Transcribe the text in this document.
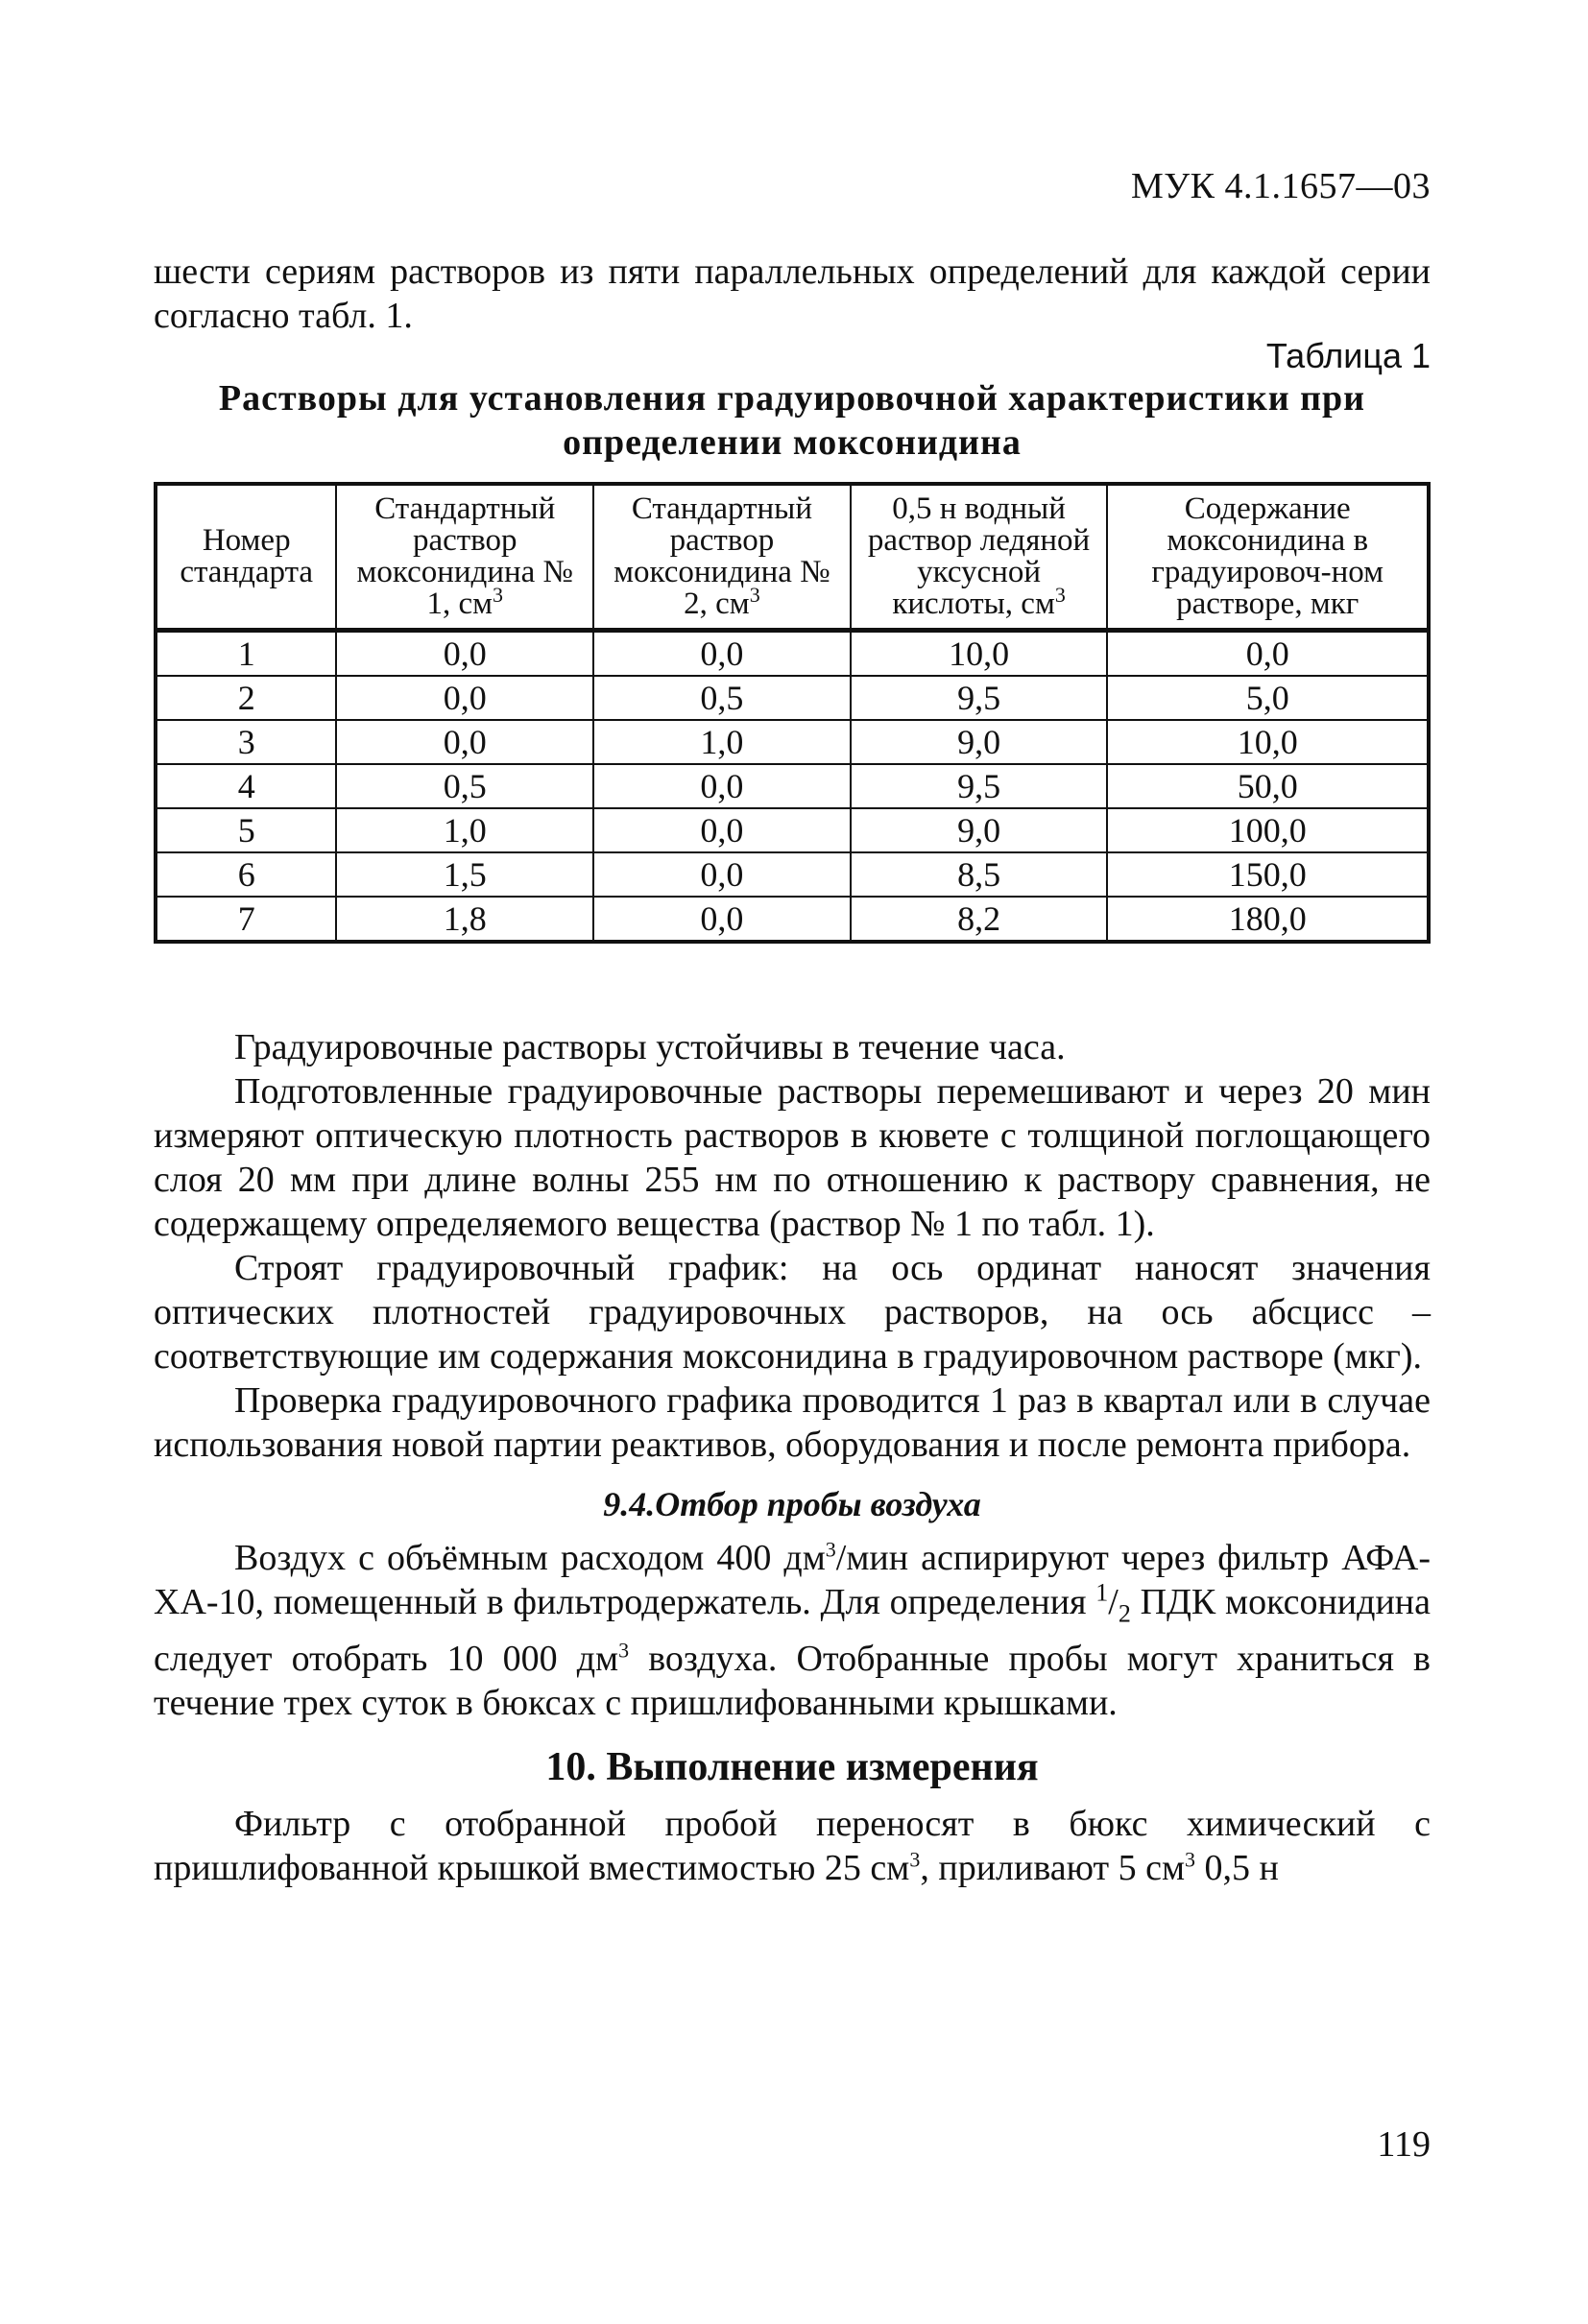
МУК 4.1.1657—03

шести сериям растворов из пяти параллельных определений для каждой серии согласно табл. 1.

Таблица 1
Растворы для установления градуировочной характеристики при определении моксонидина
Номер стандарта	Стандартный раствор моксонидина № 1, $см^3$	Стандартный раствор моксонидина № 2, $см^3$	0,5 н водный раствор ледяной уксусной кислоты, $см^3$	Содержание моксонидина в градуировоч-ном растворе, мкг
1	0,0	0,0	10,0	0,0
2	0,0	0,5	9,5	5,0
3	0,0	1,0	9,0	10,0
4	0,5	0,0	9,5	50,0
5	1,0	0,0	9,0	100,0
6	1,5	0,0	8,5	150,0
7	1,8	0,0	8,2	180,0

Градуировочные растворы устойчивы в течение часа.

Подготовленные градуировочные растворы перемешивают и через 20 мин измеряют оптическую плотность растворов в кювете с толщиной поглощающего слоя 20 мм при длине волны 255 нм по отношению к раствору сравнения, не содержащему определяемого вещества (раствор № 1 по табл. 1).

Строят градуировочный график: на ось ординат наносят значения оптических плотностей градуировочных растворов, на ось абсцисс – соответствующие им содержания моксонидина в градуировочном растворе (мкг).

Проверка градуировочного графика проводится 1 раз в квартал или в случае использования новой партии реактивов, оборудования и после ремонта прибора.

9.4.Отбор пробы воздуха

Воздух с объёмным расходом 400 $дм^3$/мин аспирируют через фильтр АФА-ХА-10, помещенный в фильтродержатель. Для определения $^1/_2$ ПДК моксонидина следует отобрать 10 000 $дм^3$ воздуха. Отобранные пробы могут храниться в течение трех суток в бюксах с пришлифованными крышками.

10. Выполнение измерения

Фильтр с отобранной пробой переносят в бюкс химический с пришлифованной крышкой вместимостью 25 $см^3$, приливают 5 $см^3$ 0,5 н

119
